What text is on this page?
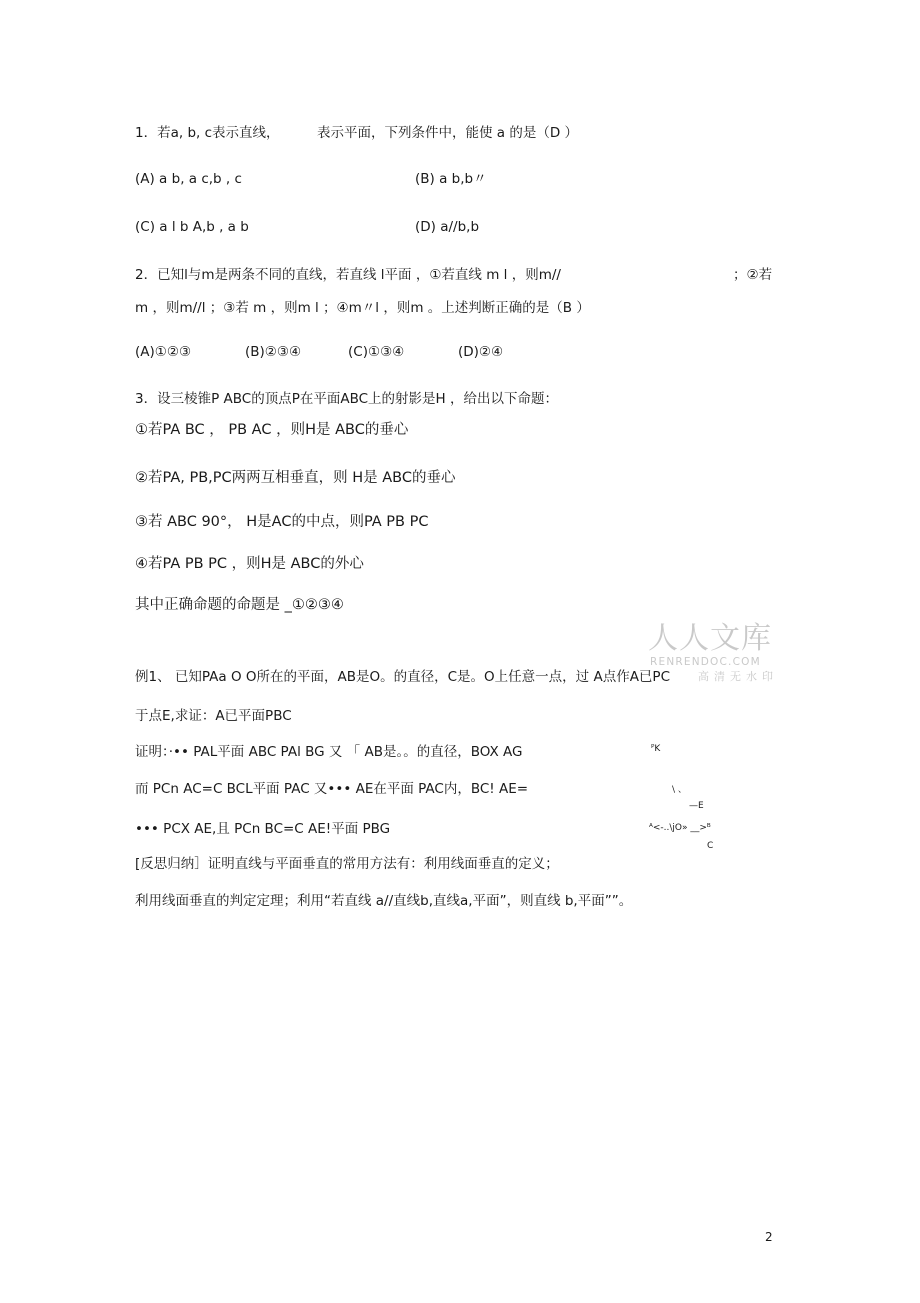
1．若a, b, c表示直线，	表示平面，下列条件中，能使 a 的是（D ）
(A) a b, a c,b , c	(B) a b,b〃
(C) a l b A,b , a b	(D) a//b,b
2．已知l与m是两条不同的直线，若直线 l平面 ，①若直线 m l ，则m//	；②若
m ，则m//l ；③若 m ，则m l ；④m〃l ，则m 。上述判断正确的是（B ）
(A)①②③	(B)②③④	(C)①③④	(D)②④
3．设三棱锥P ABC的顶点P在平面ABC上的射影是H ，给出以下命题：
①若PA BC ， PB AC ，则H是 ABC的垂心
②若PA, PB,PC两两互相垂直，则 H是 ABC的垂心
③若 ABC 90°， H是AC的中点，则PA PB PC
④若PA PB PC ，则H是 ABC的外心
其中正确命题的命题是 _①②③④
人人文库
RENRENDOC.COM
高清无水印
例1、 已知PAa O O所在的平面，AB是O。的直径，C是。O上任意一点，过 A点作A已PC
于点E,求证：A已平面PBC
证明：·•• PAL平面 ABC PAl BG 又 「 AB是。。的直径，BOX AG
而 PCn AC=C BCL平面 PAC 又••• AE在平面 PAC内，BC! AE=
••• PCX AE,且 PCn BC=C AE!平面 PBG
[反思归纳］证明直线与平面垂直的常用方法有：利用线面垂直的定义；
利用线面垂直的判定定理；利用“若直线 a//直线b,直线a,平面”，则直线 b,平面””。
ᴾK
\ 、
—E
ᴬ<-..\jO» __>ᴮ
C
2
